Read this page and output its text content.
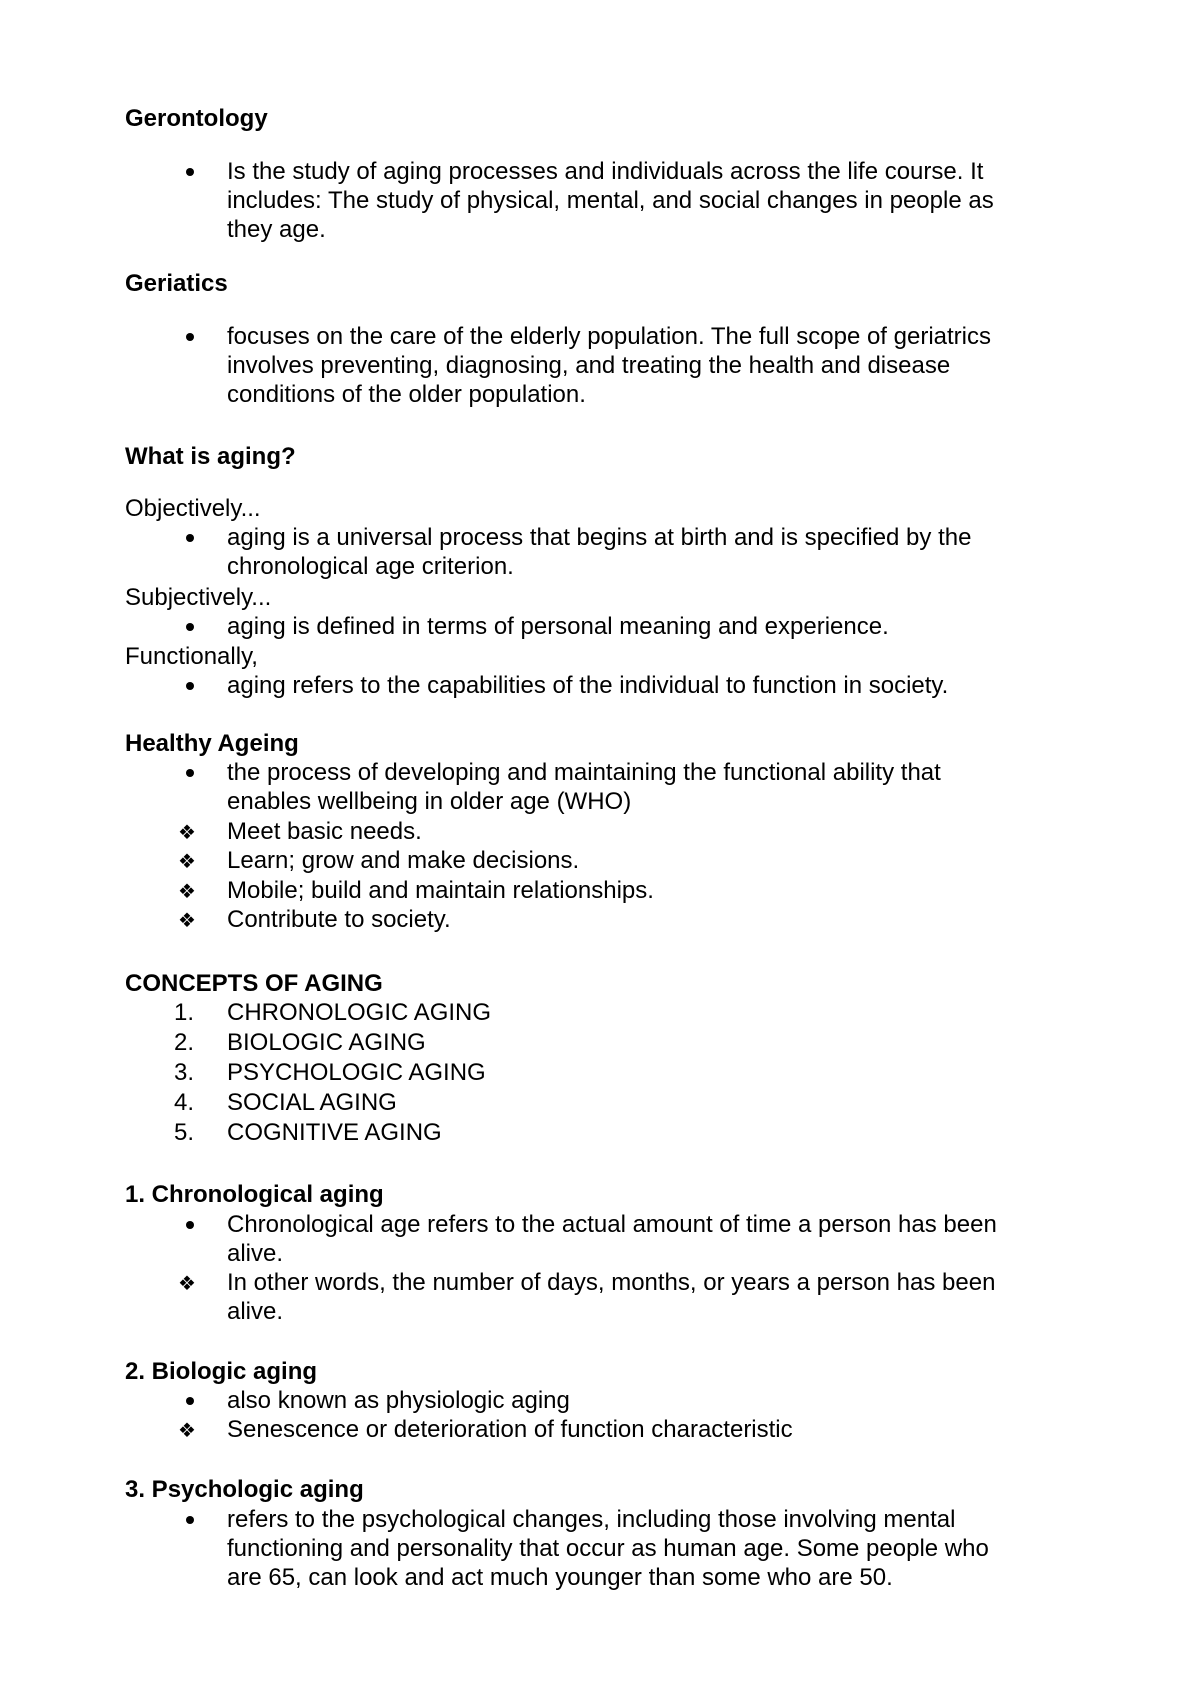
Gerontology
Is the study of aging processes and individuals across the life course. It
includes: The study of physical, mental, and social changes in people as
they age.
Geriatics
focuses on the care of the elderly population. The full scope of geriatrics
involves preventing, diagnosing, and treating the health and disease
conditions of the older population.
What is aging?
Objectively...
aging is a universal process that begins at birth and is specified by the
chronological age criterion.
Subjectively...
aging is defined in terms of personal meaning and experience.
Functionally,
aging refers to the capabilities of the individual to function in society.
Healthy Ageing
the process of developing and maintaining the functional ability that
enables wellbeing in older age (WHO)
❖ Meet basic needs.
❖ Learn; grow and make decisions.
❖ Mobile; build and maintain relationships.
❖ Contribute to society.
CONCEPTS OF AGING
1. CHRONOLOGIC AGING
2. BIOLOGIC AGING
3. PSYCHOLOGIC AGING
4. SOCIAL AGING
5. COGNITIVE AGING
1. Chronological aging
Chronological age refers to the actual amount of time a person has been
alive.
❖ In other words, the number of days, months, or years a person has been
alive.
2. Biologic aging
also known as physiologic aging
❖ Senescence or deterioration of function characteristic
3. Psychologic aging
refers to the psychological changes, including those involving mental
functioning and personality that occur as human age. Some people who
are 65, can look and act much younger than some who are 50.
